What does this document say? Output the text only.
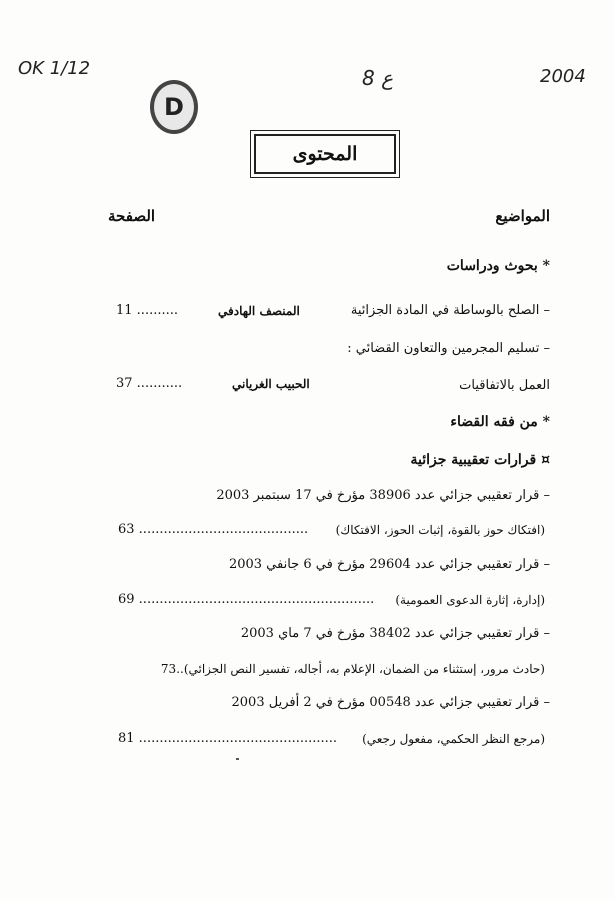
OK 1/12	8 ع	2004
D
المحتوى
المواضيع
الصفحة
* بحوث ودراسات
– الصلح بالوساطة في المادة الجزائية
المنصف الهادفي
11 ..........
– تسليم المجرمين والتعاون القضائي :
العمل بالاتفاقيات
الحبيب الغرياني
37 ...........
* من فقه القضاء
¤ قرارات تعقيبية جزائية
– قرار تعقيبي جزائي عدد 38906 مؤرخ في 17 سبتمبر 2003
(افتكاك حوز بالقوة، إثبات الحوز، الافتكاك)
63 .........................................
– قرار تعقيبي جزائي عدد 29604 مؤرخ في 6 جانفي 2003
(إدارة، إثارة الدعوى العمومية)
69 .........................................................
– قرار تعقيبي جزائي عدد 38402 مؤرخ في 7 ماي 2003
(حادث مرور، إستثناء من الضمان، الإعلام به، أجاله، تفسير النص الجزائي)..73
– قرار تعقيبي جزائي عدد 00548 مؤرخ في 2 أفريل 2003
(مرجع النظر الحكمي، مفعول رجعي)
81 ................................................
